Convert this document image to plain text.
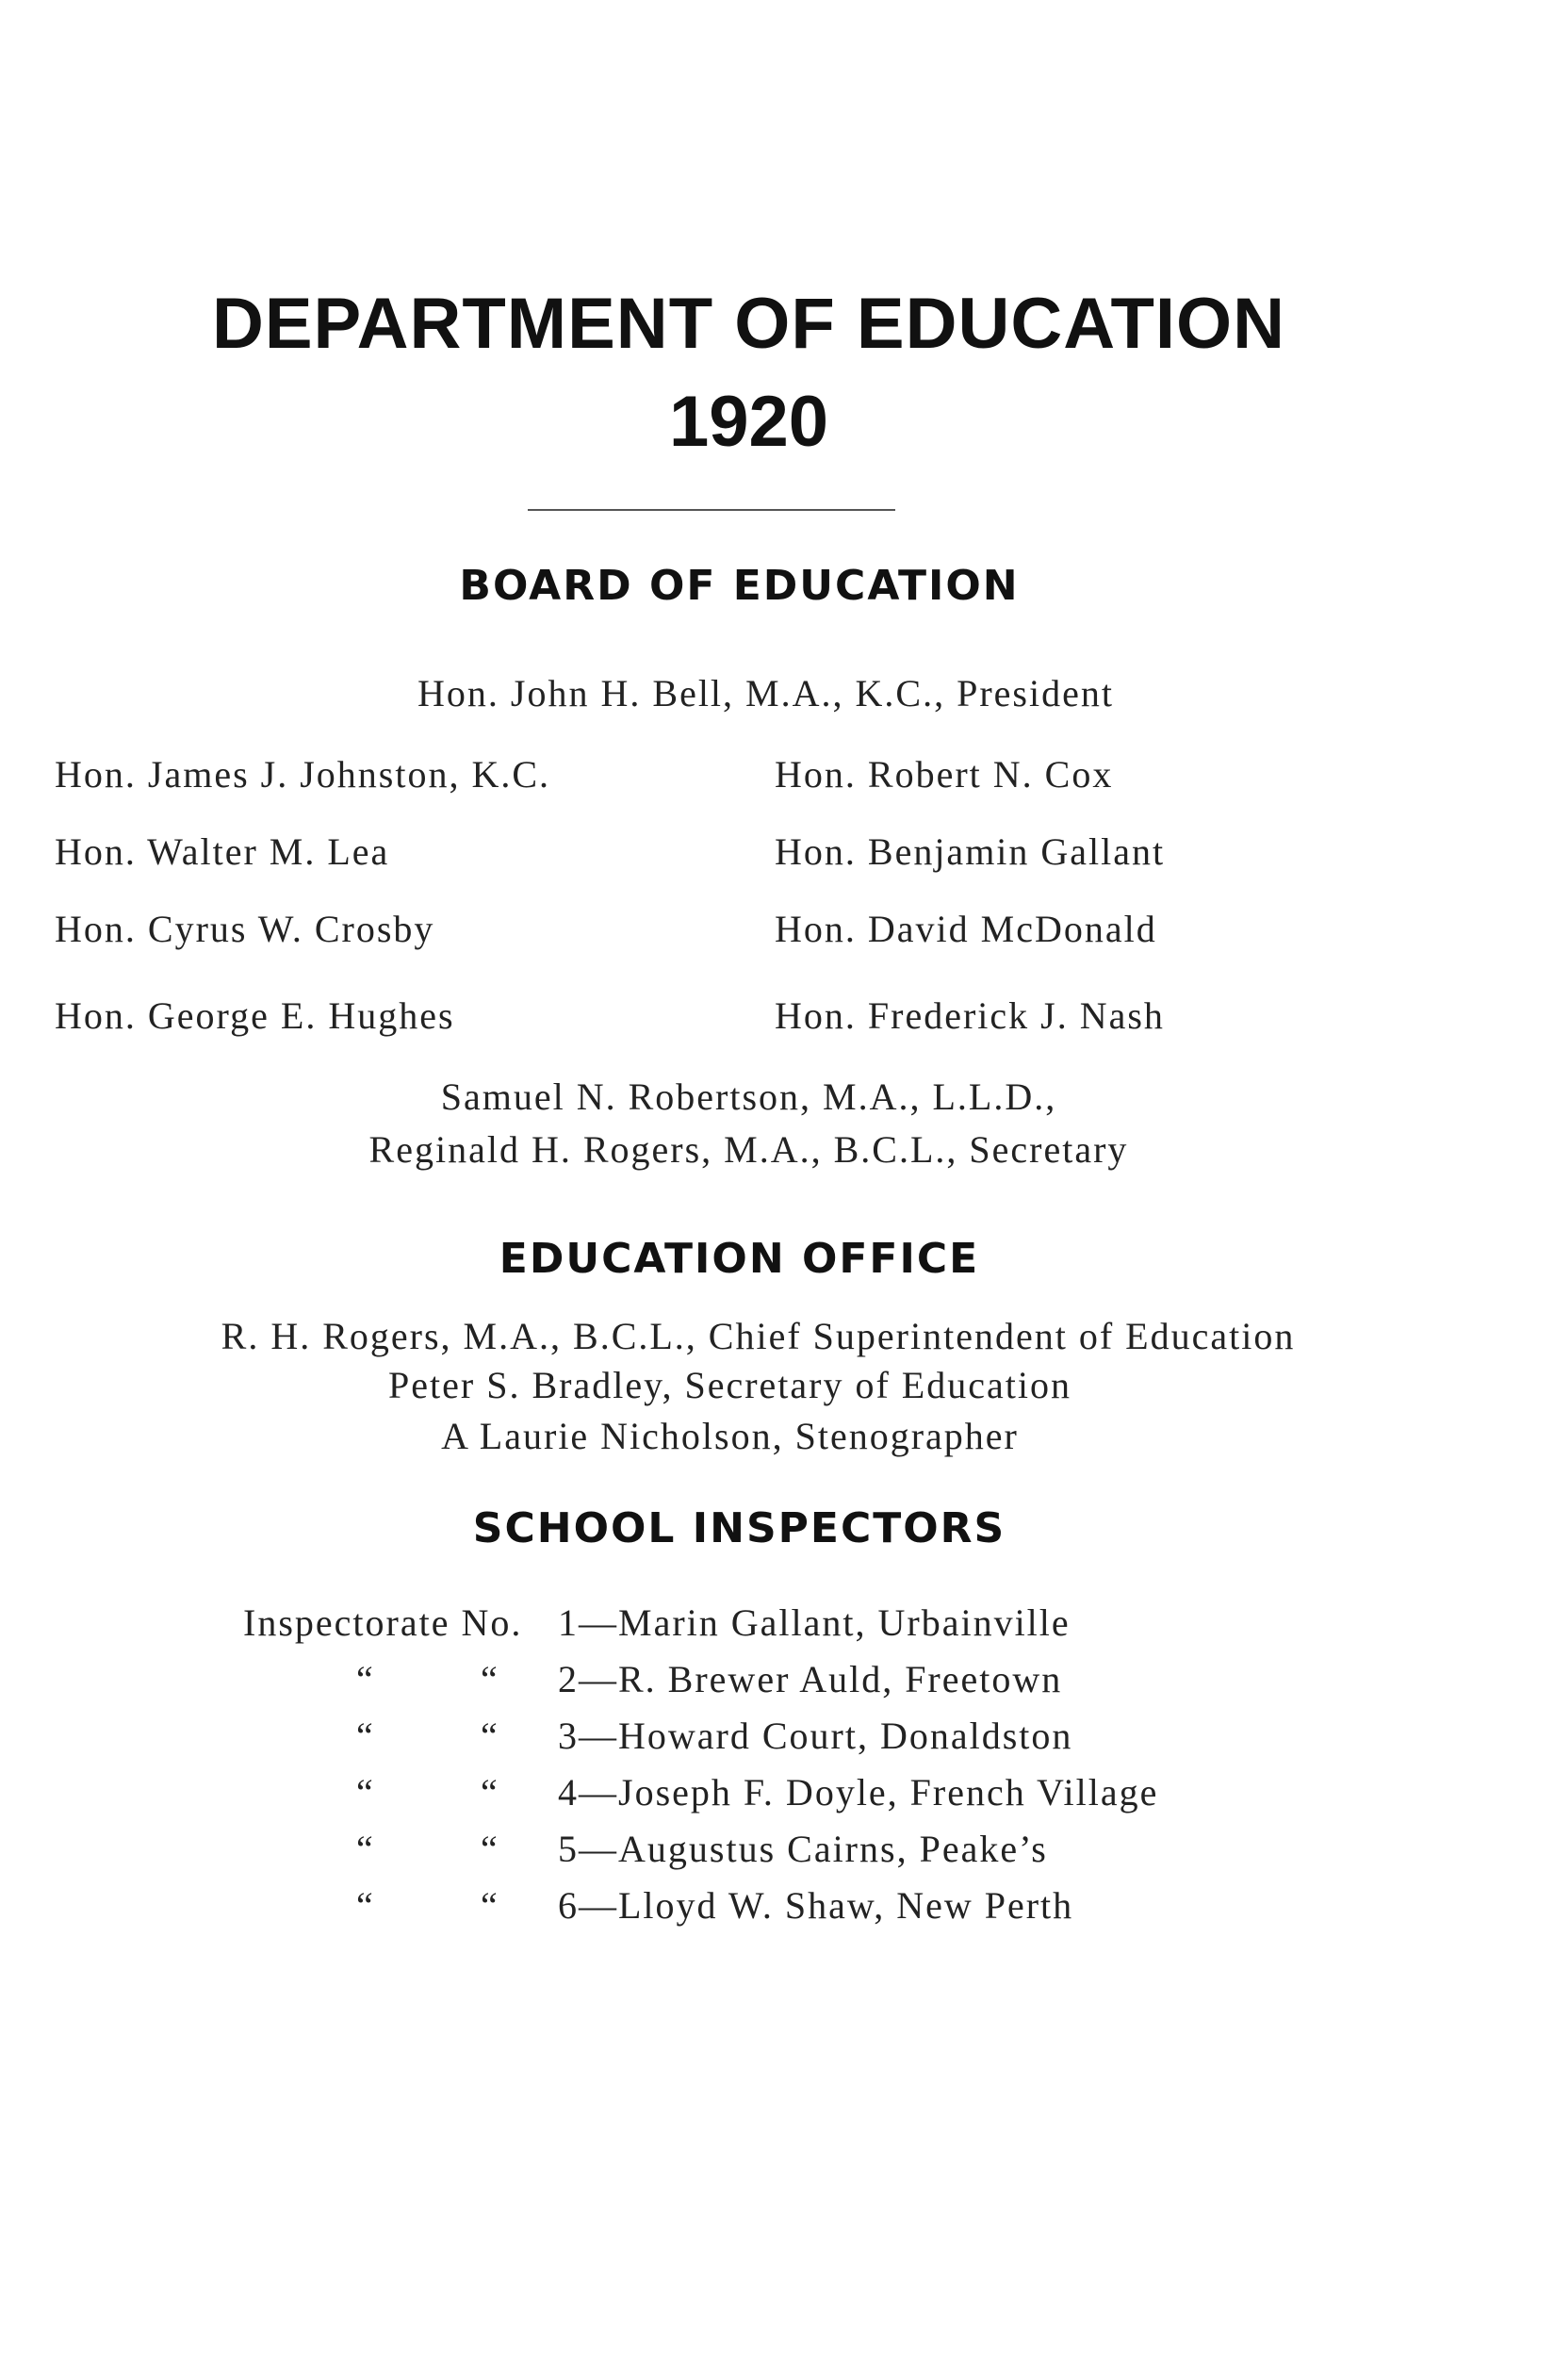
DEPARTMENT OF EDUCATION
1920
BOARD OF EDUCATION
Hon. John H. Bell, M.A., K.C., President
Hon. James J. Johnston, K.C.	Hon. Robert N. Cox
Hon. Walter M. Lea	Hon. Benjamin Gallant
Hon. Cyrus W. Crosby	Hon. David McDonald
Hon. George E. Hughes	Hon. Frederick J. Nash
Samuel N. Robertson, M.A., L.L.D.,
Reginald H. Rogers, M.A., B.C.L., Secretary
EDUCATION OFFICE
R. H. Rogers, M.A., B.C.L., Chief Superintendent of Education
Peter S. Bradley, Secretary of Education
A Laurie Nicholson, Stenographer
SCHOOL INSPECTORS
Inspectorate No. 1—Marin Gallant, Urbainville
“	“ 2—R. Brewer Auld, Freetown
“	“ 3—Howard Court, Donaldston
“	“ 4—Joseph F. Doyle, French Village
“	“ 5—Augustus Cairns, Peake’s
“	“ 6—Lloyd W. Shaw, New Perth
